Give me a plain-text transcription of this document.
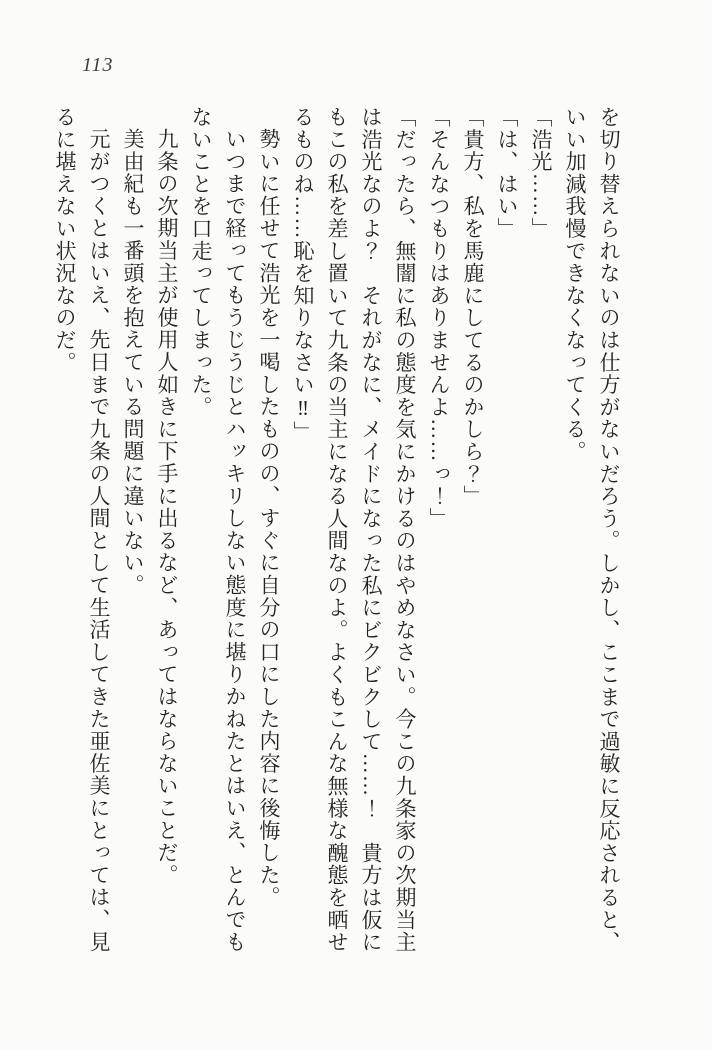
113

を切り替えられないのは仕方がないだろう。しかし、ここまで過敏に反応されると、

いい加減我慢できなくなってくる。

「浩光……」

「は、はい」

「貴方、私を馬鹿にしてるのかしら？」

「そんなつもりはありませんよ……っ！」

「だったら、無闇に私の態度を気にかけるのはやめなさい。今この九条家の次期当主

は浩光なのよ？　それがなに、メイドになった私にビクビクして……！　貴方は仮に

もこの私を差し置いて九条の当主になる人間なのよ。よくもこんな無様な醜態を晒せ

るものね……恥を知りなさい‼」

勢いに任せて浩光を一喝したものの、すぐに自分の口にした内容に後悔した。

いつまで経ってもうじうじとハッキリしない態度に堪りかねたとはいえ、とんでも

ないことを口走ってしまった。

九条の次期当主が使用人如きに下手に出るなど、あってはならないことだ。

美由紀も一番頭を抱えている問題に違いない。

元がつくとはいえ、先日まで九条の人間として生活してきた亜佐美にとっては、見

るに堪えない状況なのだ。
